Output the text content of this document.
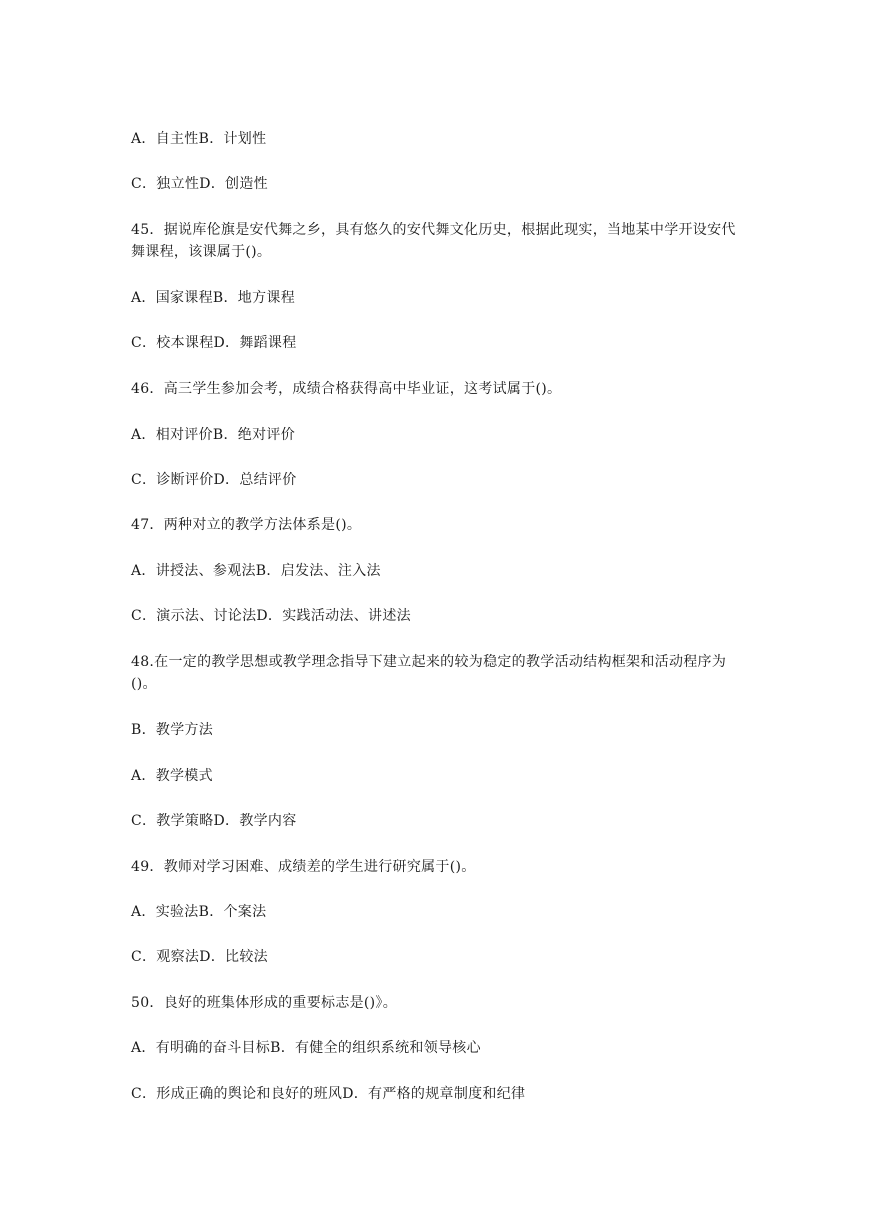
A．自主性B．计划性
C．独立性D．创造性
45．据说库伦旗是安代舞之乡，具有悠久的安代舞文化历史，根据此现实，当地某中学开设安代舞课程，该课属于()。
A．国家课程B．地方课程
C．校本课程D．舞蹈课程
46．高三学生参加会考，成绩合格获得高中毕业证，这考试属于()。
A．相对评价B．绝对评价
C．诊断评价D．总结评价
47．两种对立的教学方法体系是()。
A．讲授法、参观法B．启发法、注入法
C．演示法、讨论法D．实践活动法、讲述法
48.在一定的教学思想或教学理念指导下建立起来的较为稳定的教学活动结构框架和活动程序为()。
B．教学方法
A．教学模式
C．教学策略D．教学内容
49．教师对学习困难、成绩差的学生进行研究属于()。
A．实验法B．个案法
C．观察法D．比较法
50．良好的班集体形成的重要标志是()》。
A．有明确的奋斗目标B．有健全的组织系统和领导核心
C．形成正确的舆论和良好的班风D．有严格的规章制度和纪律
